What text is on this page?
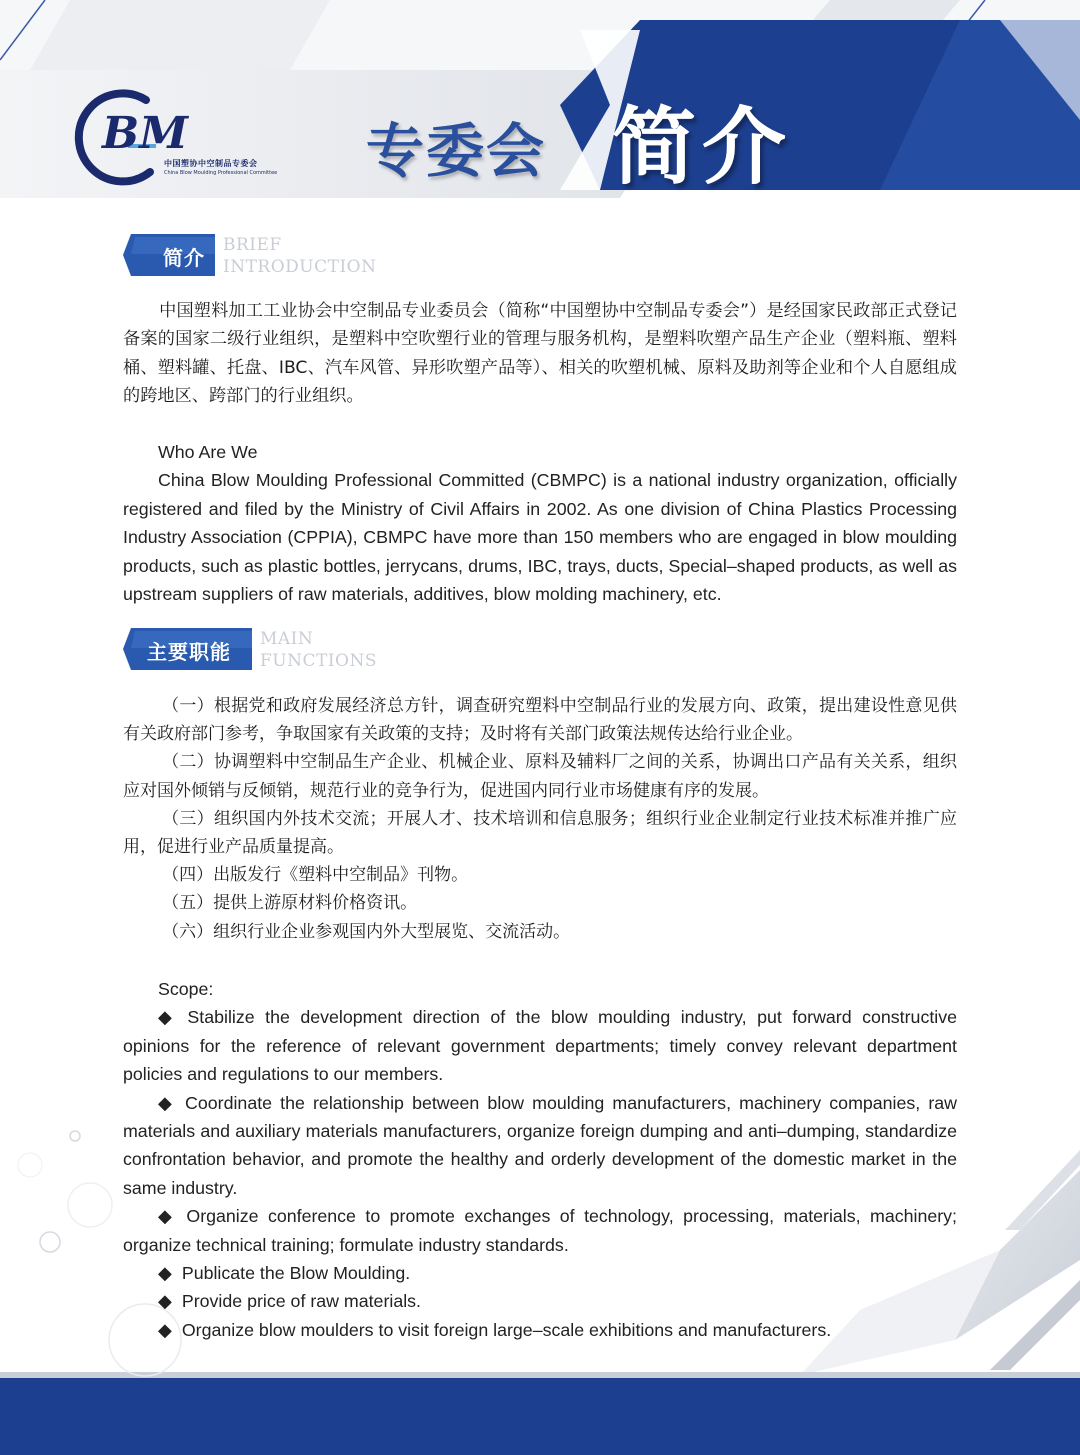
BM
中国塑协中空制品专委会
China Blow Moulding Professional Committee 专委会 简介
简介
BRIEF
INTRODUCTION
中国塑料加工工业协会中空制品专业委员会（简称“中国塑协中空制品专委会”）是经国家民政部正式登记备案的国家二级行业组织，是塑料中空吹塑行业的管理与服务机构，是塑料吹塑产品生产企业（塑料瓶、塑料桶、塑料罐、托盘、IBC、汽车风管、异形吹塑产品等）、相关的吹塑机械、原料及助剂等企业和个人自愿组成的跨地区、跨部门的行业组织。

Who Are We

China Blow Moulding Professional Committed (CBMPC) is a national industry organization, officially registered and filed by the Ministry of Civil Affairs in 2002. As one division of China Plastics Processing Industry Association (CPPIA), CBMPC have more than 150 members who are engaged in blow moulding products, such as plastic bottles, jerrycans, drums, IBC, trays, ducts, Special–shaped products, as well as upstream suppliers of raw materials, additives, blow molding machinery, etc.

主要职能
MAIN
FUNCTIONS

（一）根据党和政府发展经济总方针，调查研究塑料中空制品行业的发展方向、政策，提出建设性意见供有关政府部门参考，争取国家有关政策的支持；及时将有关部门政策法规传达给行业企业。

（二）协调塑料中空制品生产企业、机械企业、原料及辅料厂之间的关系，协调出口产品有关关系，组织应对国外倾销与反倾销，规范行业的竞争行为，促进国内同行业市场健康有序的发展。

（三）组织国内外技术交流；开展人才、技术培训和信息服务；组织行业企业制定行业技术标准并推广应用，促进行业产品质量提高。

（四）出版发行《塑料中空制品》刊物。

（五）提供上游原材料价格资讯。

（六）组织行业企业参观国内外大型展览、交流活动。

Scope:

◆ Stabilize the development direction of the blow moulding industry, put forward constructive opinions for the reference of relevant government departments; timely convey relevant department policies and regulations to our members.

◆ Coordinate the relationship between blow moulding manufacturers, machinery companies, raw materials and auxiliary materials manufacturers, organize foreign dumping and anti–dumping, standardize confrontation behavior, and promote the healthy and orderly development of the domestic market in the same industry.

◆ Organize conference to promote exchanges of technology, processing, materials, machinery; organize technical training; formulate industry standards.

◆ Publicate the Blow Moulding.

◆ Provide price of raw materials.

◆ Organize blow moulders to visit foreign large–scale exhibitions and manufacturers.
